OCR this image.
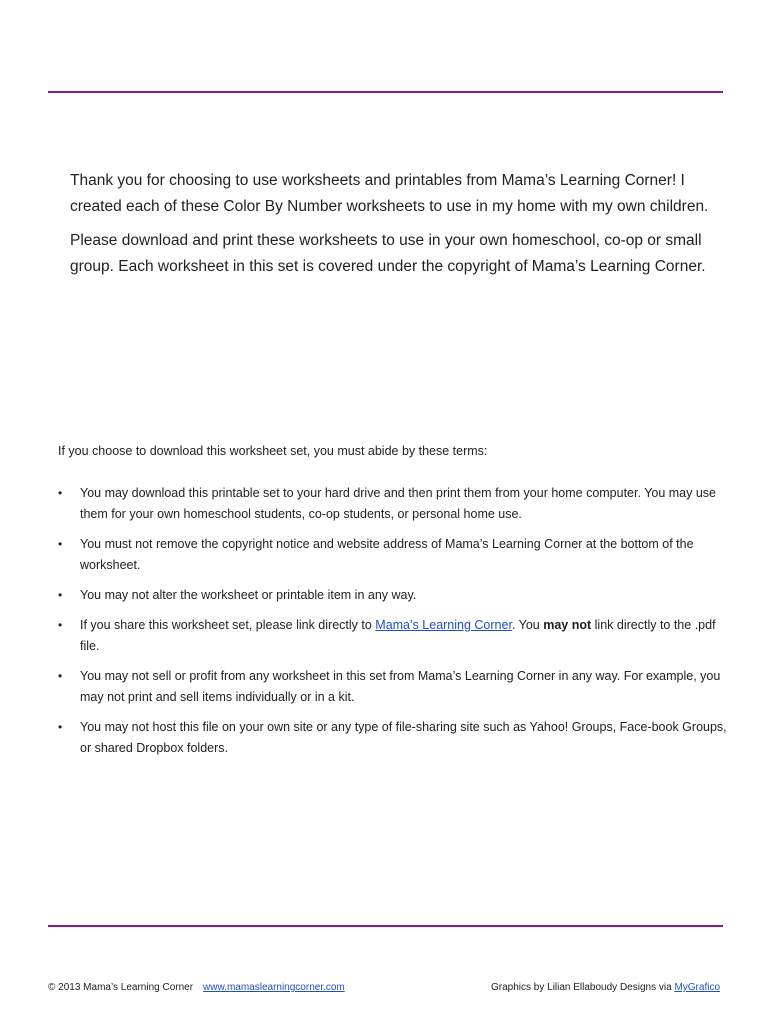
Thank you for choosing to use worksheets and printables from Mama’s Learning Corner! I created each of these Color By Number worksheets to use in my home with my own children.

Please download and print these worksheets to use in your own homeschool, co-op or small group. Each worksheet in this set is covered under the copyright of Mama’s Learning Corner.

If you choose to download this worksheet set, you must abide by these terms:
• You may download this printable set to your hard drive and then print them from your home computer. You may use them for your own homeschool students, co-op students, or personal home use.
• You must not remove the copyright notice and website address of Mama’s Learning Corner at the bottom of the worksheet.
• You may not alter the worksheet or printable item in any way.
• If you share this worksheet set, please link directly to Mama’s Learning Corner. You may not link directly to the .pdf file.
• You may not sell or profit from any worksheet in this set from Mama’s Learning Corner in any way. For example, you may not print and sell items individually or in a kit.
• You may not host this file on your own site or any type of file-sharing site such as Yahoo! Groups, Face-book Groups, or shared Dropbox folders.
© 2013 Mama’s Learning Corner www.mamaslearningcorner.com	Graphics by Lilian Ellaboudy Designs via MyGrafico
